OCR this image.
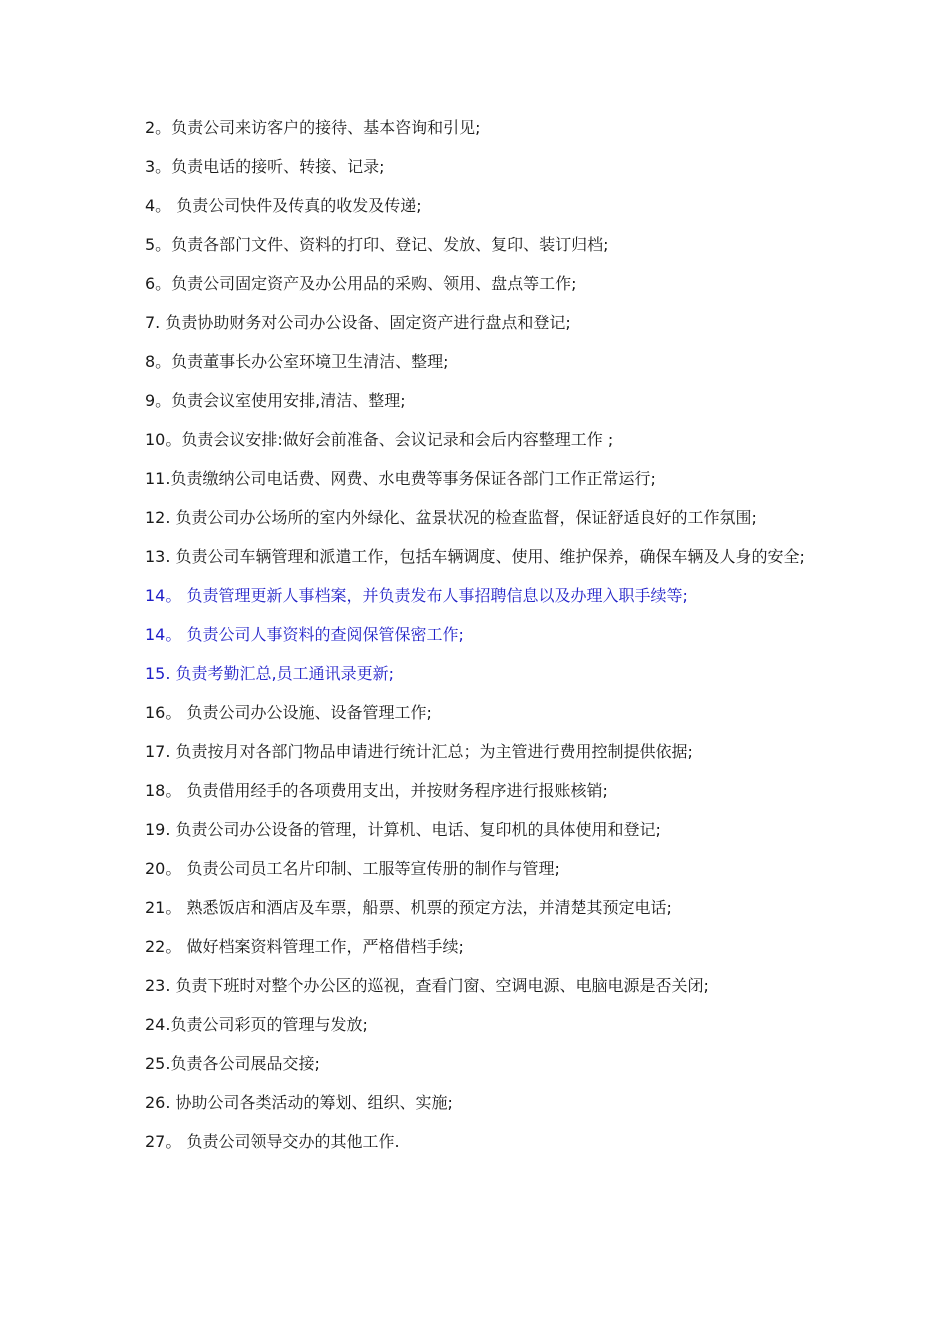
2。负责公司来访客户的接待、基本咨询和引见;
3。负责电话的接听、转接、记录;
4。 负责公司快件及传真的收发及传递;
5。负责各部门文件、资料的打印、登记、发放、复印、装订归档;
6。负责公司固定资产及办公用品的采购、领用、盘点等工作;
7. 负责协助财务对公司办公设备、固定资产进行盘点和登记;
8。负责董事长办公室环境卫生清洁、整理;
9。负责会议室使用安排,清洁、整理;
10。负责会议安排:做好会前准备、会议记录和会后内容整理工作 ;
11.负责缴纳公司电话费、网费、水电费等事务保证各部门工作正常运行;
12. 负责公司办公场所的室内外绿化、盆景状况的检查监督，保证舒适良好的工作氛围;
13. 负责公司车辆管理和派遣工作，包括车辆调度、使用、维护保养，确保车辆及人身的安全;
14。 负责管理更新人事档案，并负责发布人事招聘信息以及办理入职手续等;
14。 负责公司人事资料的查阅保管保密工作;
15. 负责考勤汇总,员工通讯录更新;
16。 负责公司办公设施、设备管理工作;
17. 负责按月对各部门物品申请进行统计汇总；为主管进行费用控制提供依据;
18。 负责借用经手的各项费用支出，并按财务程序进行报账核销;
19. 负责公司办公设备的管理，计算机、电话、复印机的具体使用和登记;
20。 负责公司员工名片印制、工服等宣传册的制作与管理;
21。 熟悉饭店和酒店及车票，船票、机票的预定方法，并清楚其预定电话;
22。 做好档案资料管理工作，严格借档手续;
23. 负责下班时对整个办公区的巡视，查看门窗、空调电源、电脑电源是否关闭;
24.负责公司彩页的管理与发放;
25.负责各公司展品交接;
26. 协助公司各类活动的筹划、组织、实施;
27。 负责公司领导交办的其他工作.
